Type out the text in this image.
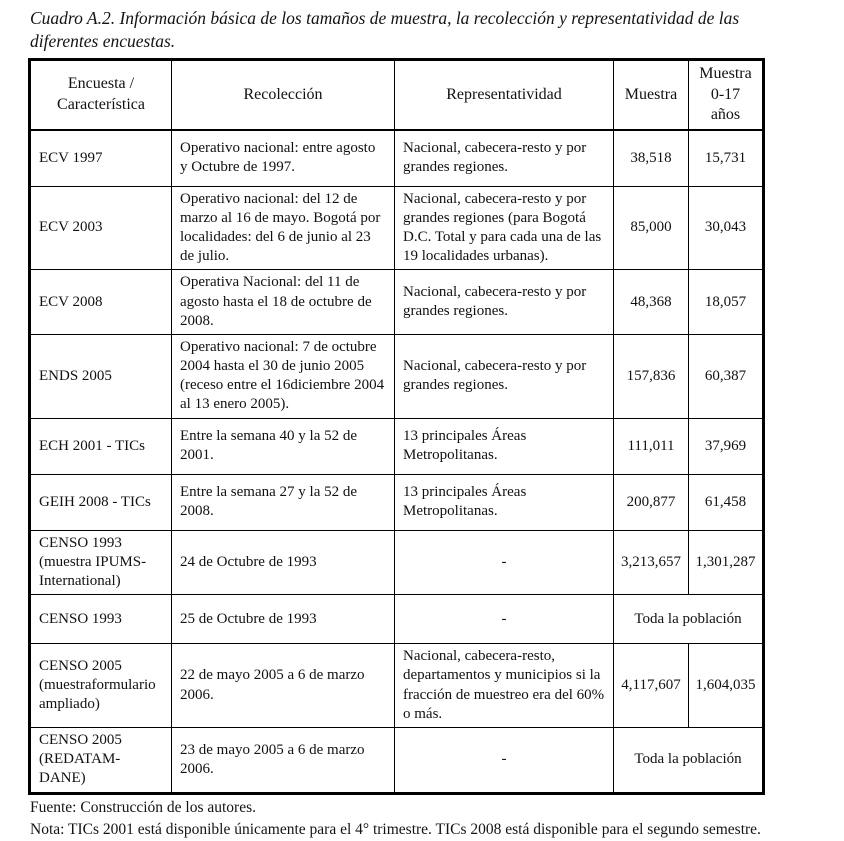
Cuadro A.2. Información básica de los tamaños de muestra, la recolección y representatividad de las diferentes encuestas.

Encuesta / Característica	Recolección	Representatividad	Muestra	Muestra 0-17 años
ECV 1997	Operativo nacional: entre agosto y Octubre de 1997.	Nacional, cabecera-resto y por grandes regiones.	38,518	15,731
ECV 2003	Operativo nacional: del 12 de marzo al 16 de mayo. Bogotá por localidades: del 6 de junio al 23 de julio.	Nacional, cabecera-resto y por grandes regiones (para Bogotá D.C. Total y para cada una de las 19 localidades urbanas).	85,000	30,043
ECV 2008	Operativa Nacional: del 11 de agosto hasta el 18 de octubre de 2008.	Nacional, cabecera-resto y por grandes regiones.	48,368	18,057
ENDS 2005	Operativo nacional: 7 de octubre 2004 hasta el 30 de junio 2005 (receso entre el 16diciembre 2004 al 13 enero 2005).	Nacional, cabecera-resto y por grandes regiones.	157,836	60,387
ECH 2001 - TICs	Entre la semana 40 y la 52 de 2001.	13 principales Áreas Metropolitanas.	111,011	37,969
GEIH 2008 - TICs	Entre la semana 27 y la 52 de 2008.	13 principales Áreas Metropolitanas.	200,877	61,458
CENSO 1993 (muestra IPUMS-International)	24 de Octubre de 1993	-	3,213,657	1,301,287
CENSO 1993	25 de Octubre de 1993	-	Toda la población	
CENSO 2005 (muestraformulario ampliado)	22 de mayo 2005 a 6 de marzo 2006.	Nacional, cabecera-resto, departamentos y municipios si la fracción de muestreo era del 60% o más.	4,117,607	1,604,035
CENSO 2005 (REDATAM-DANE)	23 de mayo 2005 a 6 de marzo 2006.	-	Toda la población	

Fuente: Construcción de los autores.

Nota: TICs 2001 está disponible únicamente para el 4° trimestre. TICs 2008 está disponible para el segundo semestre.
